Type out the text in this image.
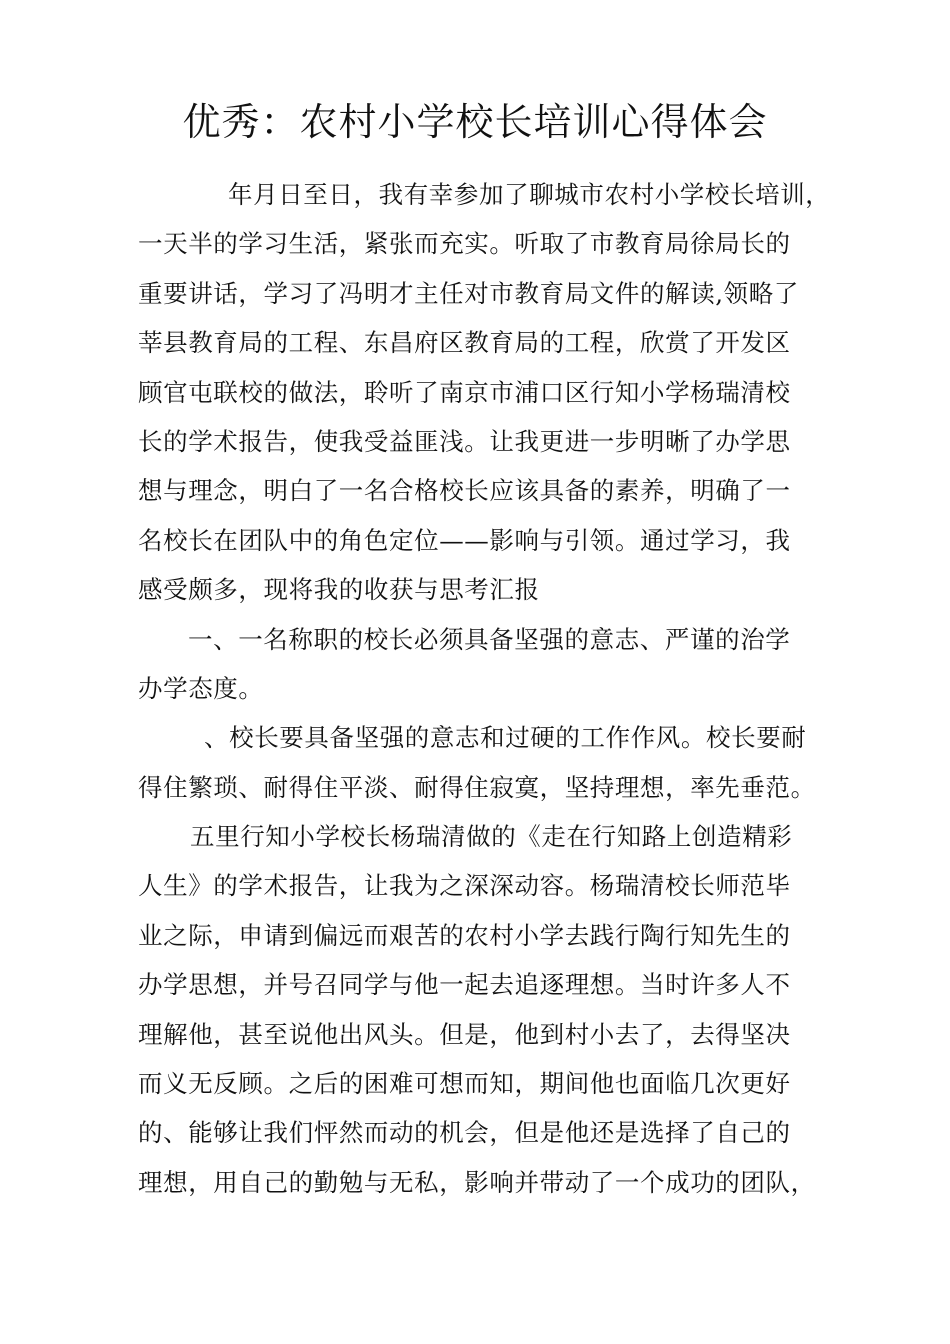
优秀：农村小学校长培训心得体会
年月日至日，我有幸参加了聊城市农村小学校长培训，
一天半的学习生活，紧张而充实。听取了市教育局徐局长的
重要讲话，学习了冯明才主任对市教育局文件的解读,领略了
莘县教育局的工程、东昌府区教育局的工程，欣赏了开发区
顾官屯联校的做法，聆听了南京市浦口区行知小学杨瑞清校
长的学术报告，使我受益匪浅。让我更进一步明晰了办学思
想与理念，明白了一名合格校长应该具备的素养，明确了一
名校长在团队中的角色定位——影响与引领。通过学习，我
感受颇多，现将我的收获与思考汇报
一、一名称职的校长必须具备坚强的意志、严谨的治学
办学态度。
、校长要具备坚强的意志和过硬的工作作风。校长要耐
得住繁琐、耐得住平淡、耐得住寂寞，坚持理想，率先垂范。
五里行知小学校长杨瑞清做的《走在行知路上创造精彩
人生》的学术报告，让我为之深深动容。杨瑞清校长师范毕
业之际，申请到偏远而艰苦的农村小学去践行陶行知先生的
办学思想，并号召同学与他一起去追逐理想。当时许多人不
理解他，甚至说他出风头。但是，他到村小去了，去得坚决
而义无反顾。之后的困难可想而知，期间他也面临几次更好
的、能够让我们怦然而动的机会，但是他还是选择了自己的
理想，用自己的勤勉与无私，影响并带动了一个成功的团队，
